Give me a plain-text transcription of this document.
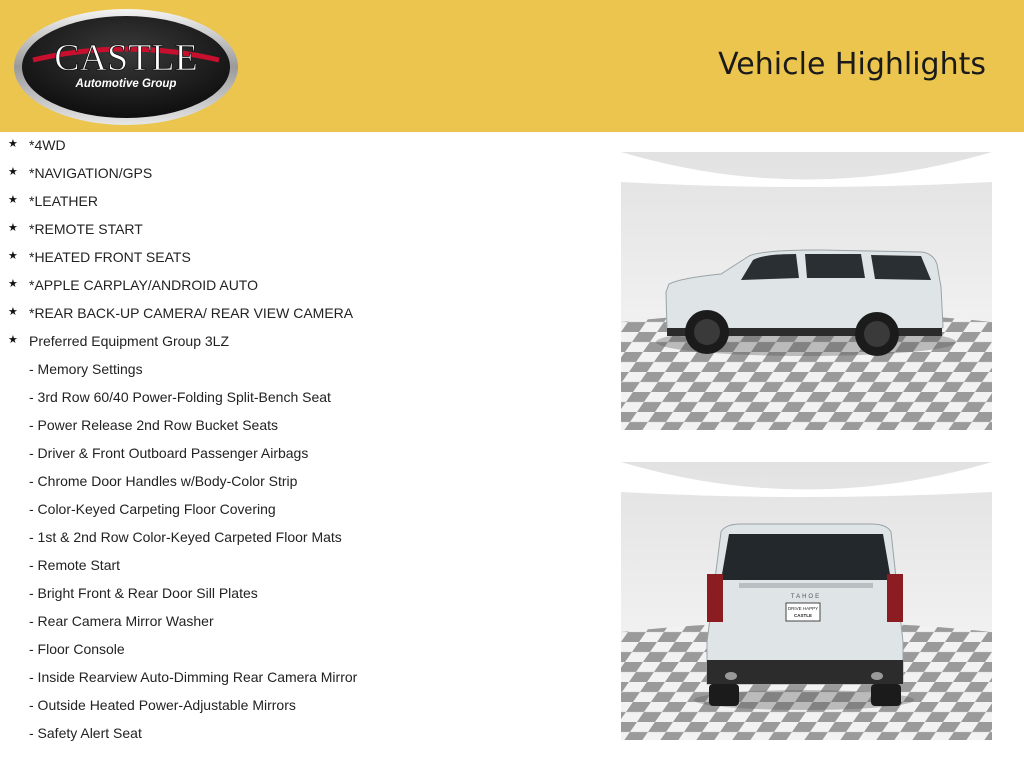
CASTLE
Automotive Group
Vehicle Highlights
★ *4WD
★ *NAVIGATION/GPS
★ *LEATHER
★ *REMOTE START
★ *HEATED FRONT SEATS
★ *APPLE CARPLAY/ANDROID AUTO
★ *REAR BACK-UP CAMERA/ REAR VIEW CAMERA
★ Preferred Equipment Group 3LZ
- Memory Settings
- 3rd Row 60/40 Power-Folding Split-Bench Seat
- Power Release 2nd Row Bucket Seats
- Driver & Front Outboard Passenger Airbags
- Chrome Door Handles w/Body-Color Strip
- Color-Keyed Carpeting Floor Covering
- 1st & 2nd Row Color-Keyed Carpeted Floor Mats
- Remote Start
- Bright Front & Rear Door Sill Plates
- Rear Camera Mirror Washer
- Floor Console
- Inside Rearview Auto-Dimming Rear Camera Mirror
- Outside Heated Power-Adjustable Mirrors
- Safety Alert Seat
TAHOE
DRIVE HAPPY
CASTLE
